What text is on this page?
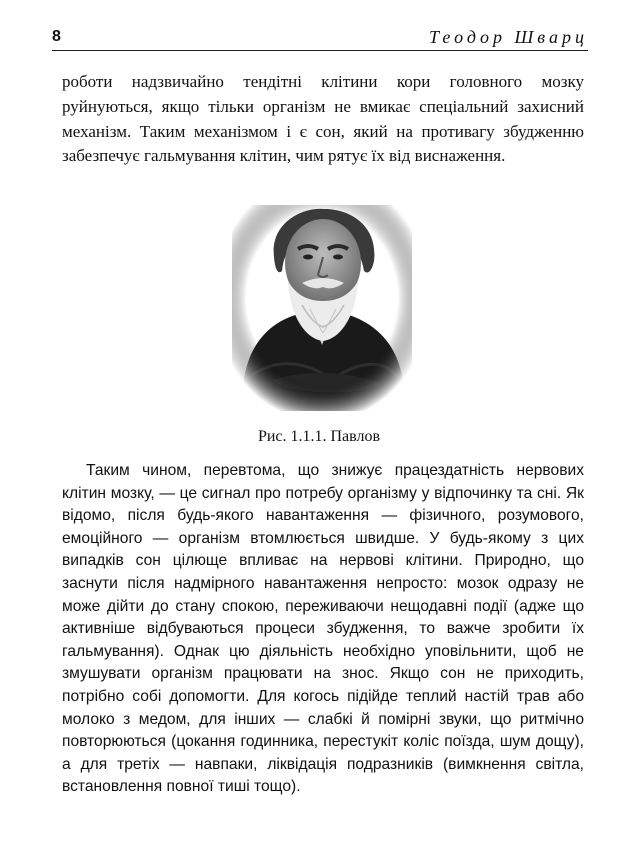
8	Теодор Шварц

роботи надзвичайно тендітні клітини кори головного мозку руйнуються, якщо тільки організм не вмикає спеціальний захисний механізм. Таким механізмом і є сон, який на противагу збудженню забезпечує гальмування клітин, чим рятує їх від виснаження.

Рис. 1.1.1. Павлов

Таким чином, перевтома, що знижує працездатність нервових клітин мозку, — це сигнал про потребу організму у відпочинку та сні. Як відомо, після будь-якого навантаження — фізичного, розумового, емоційного — організм втомлюється швидше. У будь-якому з цих випадків сон цілюще впливає на нервові клітини. Природно, що заснути після надмірного навантаження непросто: мозок одразу не може дійти до стану спокою, переживаючи нещодавні події (адже що активніше відбуваються процеси збудження, то важче зробити їх гальмування). Однак цю діяльність необхідно уповільнити, щоб не змушувати організм працювати на знос. Якщо сон не приходить, потрібно собі допомогти. Для когось підійде теплий настій трав або молоко з медом, для інших — слабкі й помірні звуки, що ритмічно повторюються (цокання годинника, перестукіт коліс поїзда, шум дощу), а для третіх — навпаки, ліквідація подразників (вимкнення світла, встановлення повної тиші тощо).
